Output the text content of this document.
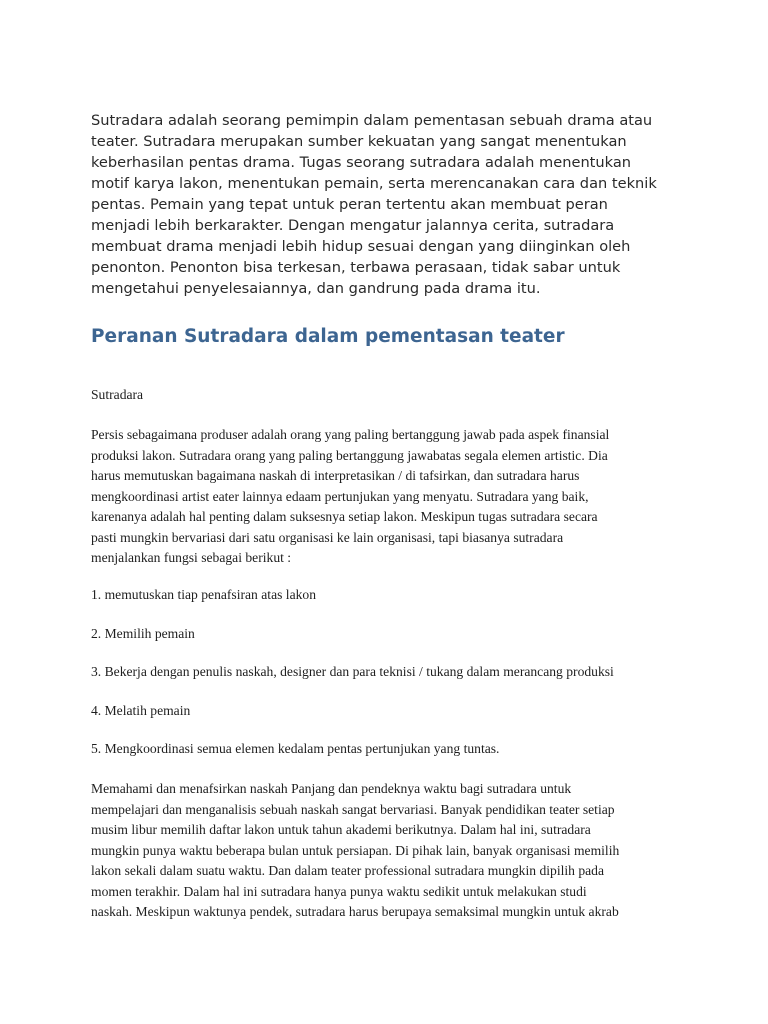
Sutradara adalah seorang pemimpin dalam pementasan sebuah drama atau
teater. Sutradara merupakan sumber kekuatan yang sangat menentukan
keberhasilan pentas drama. Tugas seorang sutradara adalah menentukan
motif karya lakon, menentukan pemain, serta merencanakan cara dan teknik
pentas. Pemain yang tepat untuk peran tertentu akan membuat peran
menjadi lebih berkarakter. Dengan mengatur jalannya cerita, sutradara
membuat drama menjadi lebih hidup sesuai dengan yang diinginkan oleh
penonton. Penonton bisa terkesan, terbawa perasaan, tidak sabar untuk
mengetahui penyelesaiannya, dan gandrung pada drama itu.
Peranan Sutradara dalam pementasan teater

Sutradara

Persis sebagaimana produser adalah orang yang paling bertanggung jawab pada aspek finansial
produksi lakon. Sutradara orang yang paling bertanggung jawabatas segala elemen artistic. Dia
harus memutuskan bagaimana naskah di interpretasikan / di tafsirkan, dan sutradara harus
mengkoordinasi artist eater lainnya edaam pertunjukan yang menyatu. Sutradara yang baik,
karenanya adalah hal penting dalam suksesnya setiap lakon. Meskipun tugas sutradara secara
pasti mungkin bervariasi dari satu organisasi ke lain organisasi, tapi biasanya sutradara
menjalankan fungsi sebagai berikut :

1. memutuskan tiap penafsiran atas lakon

2. Memilih pemain

3. Bekerja dengan penulis naskah, designer dan para teknisi / tukang dalam merancang produksi

4. Melatih pemain

5. Mengkoordinasi semua elemen kedalam pentas pertunjukan yang tuntas.

Memahami dan menafsirkan naskah Panjang dan pendeknya waktu bagi sutradara untuk
mempelajari dan menganalisis sebuah naskah sangat bervariasi. Banyak pendidikan teater setiap
musim libur memilih daftar lakon untuk tahun akademi berikutnya. Dalam hal ini, sutradara
mungkin punya waktu beberapa bulan untuk persiapan. Di pihak lain, banyak organisasi memilih
lakon sekali dalam suatu waktu. Dan dalam teater professional sutradara mungkin dipilih pada
momen terakhir. Dalam hal ini sutradara hanya punya waktu sedikit untuk melakukan studi
naskah. Meskipun waktunya pendek, sutradara harus berupaya semaksimal mungkin untuk akrab
